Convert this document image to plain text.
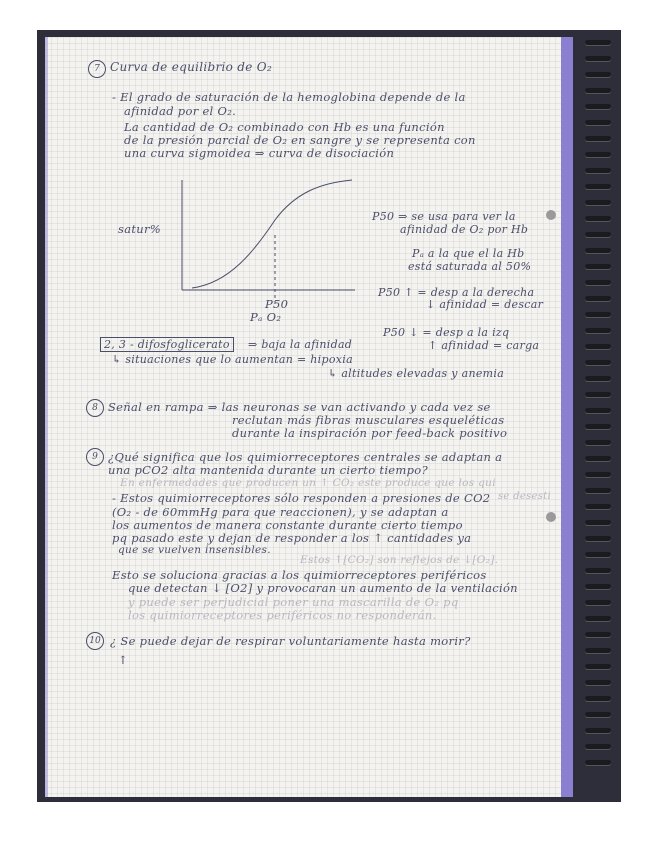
7 Curva de equilibrio de O₂
- El grado de saturación de la hemoglobina depende de la
afinidad por el O₂.
La cantidad de O₂ combinado con Hb es una función
de la presión parcial de O₂ en sangre y se representa con
una curva sigmoidea ⇒ curva de disociación
satur%
P50
Pₐ O₂
P50 ⇒ se usa para ver la
afinidad de O₂ por Hb
Pₐ a la que el la Hb
está saturada al 50%
P50 ↑ = desp a la derecha
↓ afinidad = descar
P50 ↓ = desp a la izq
↑ afinidad = carga
2, 3 - difosfoglicerato	⇒ baja la afinidad
↳ situaciones que lo aumentan = hipoxia
↳ altitudes elevadas y anemia
8 Señal en rampa ⇒ las neuronas se van activando y cada vez se
reclutan más fibras musculares esqueléticas
durante la inspiración por feed-back positivo
9 ¿Qué significa que los quimiorreceptores centrales se adaptan a
una pCO2 alta mantenida durante un cierto tiempo?
En enfermedades que producen un ↑ CO₂ este produce que los qui
- Estos quimiorreceptores sólo responden a presiones de CO2 se desesti
(O₂ - de 60mmHg para que reaccionen), y se adaptan a
los aumentos de manera constante durante cierto tiempo
pq pasado este y dejan de responder a los ↑ cantidades ya
que se vuelven insensibles.
Estos ↑[CO₂] son reflejos de ↓[O₂].
Esto se soluciona gracias a los quimiorreceptores periféricos
que detectan ↓ [O2] y provocaran un aumento de la ventilación
y puede ser perjudicial poner una mascarilla de O₂ pq
los quimiorreceptores periféricos no responderán.
10 ¿ Se puede dejar de respirar voluntariamente hasta morir?
↑
